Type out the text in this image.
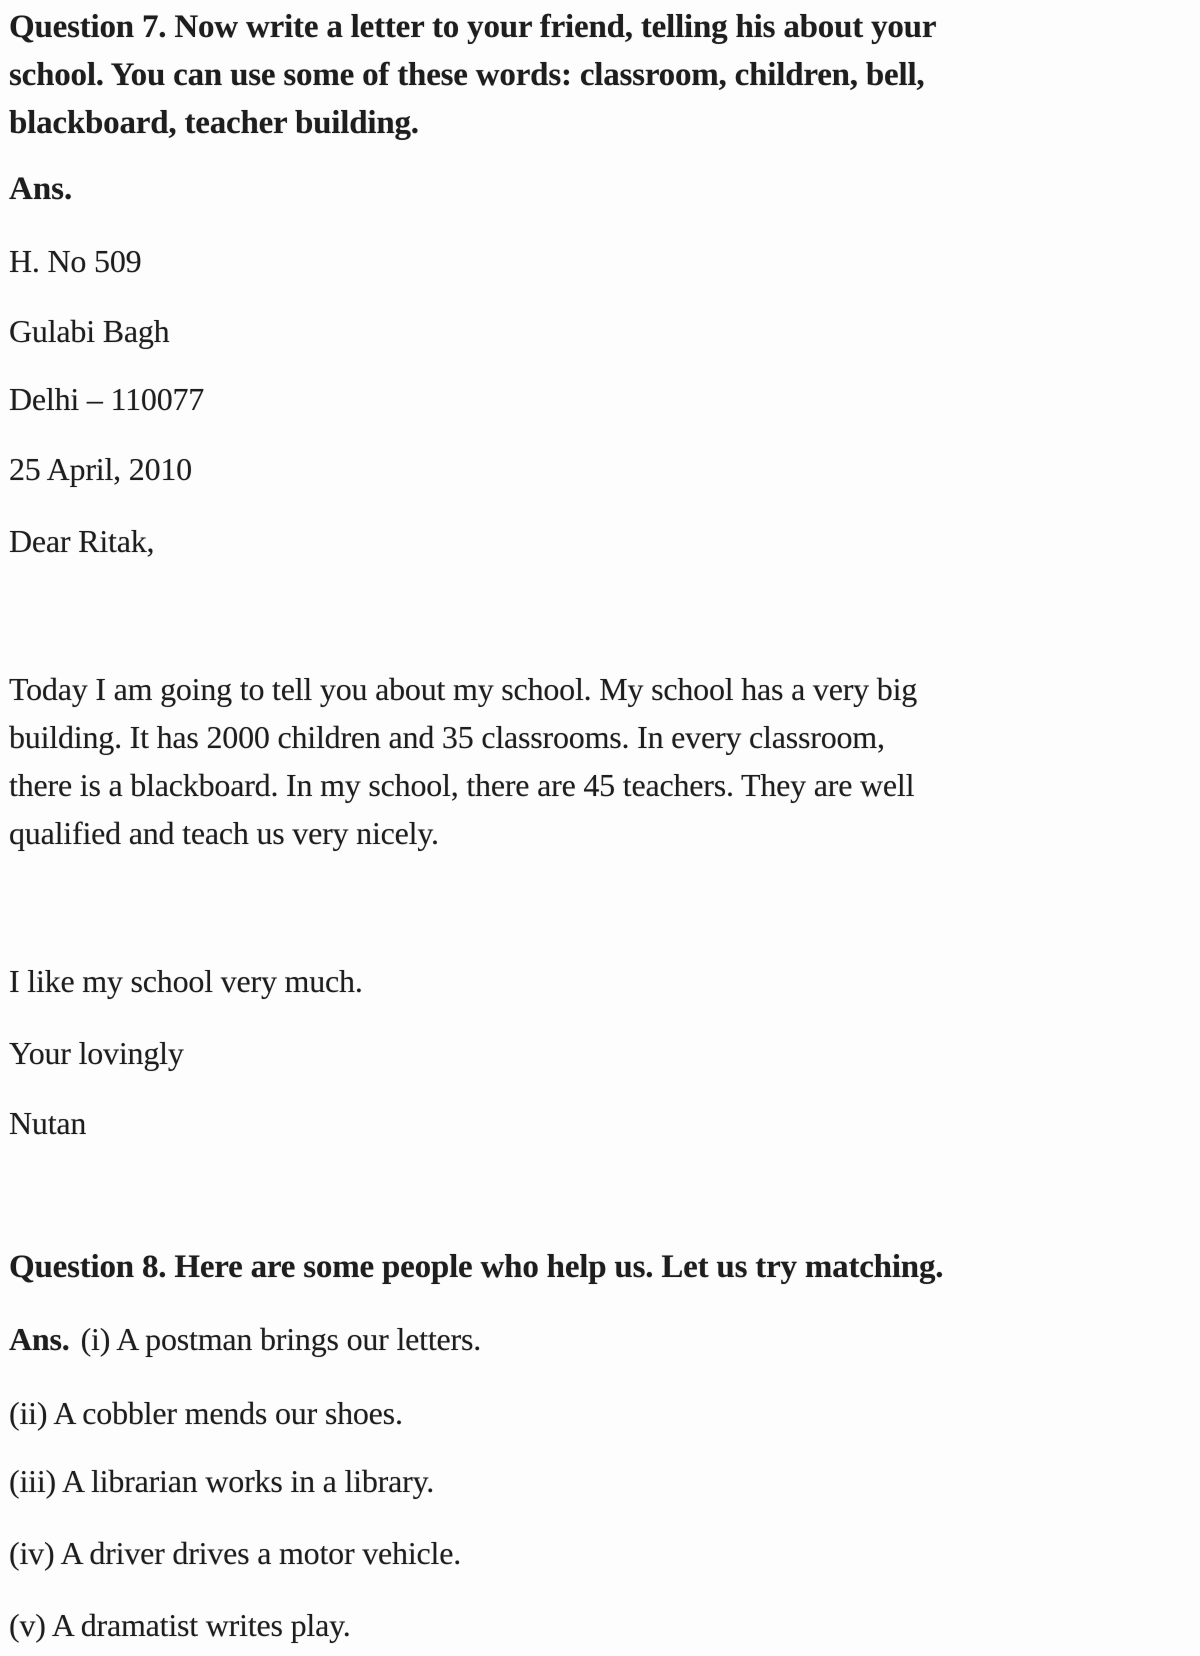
Question 7. Now write a letter to your friend, telling his about your
school. You can use some of these words: classroom, children, bell,
blackboard, teacher building.

Ans.

H. No 509

Gulabi Bagh

Delhi – 110077

25 April, 2010

Dear Ritak,

Today I am going to tell you about my school. My school has a very big
building. It has 2000 children and 35 classrooms. In every classroom,
there is a blackboard. In my school, there are 45 teachers. They are well
qualified and teach us very nicely.

I like my school very much.

Your lovingly

Nutan

Question 8. Here are some people who help us. Let us try matching.

Ans. (i) A postman brings our letters.

(ii) A cobbler mends our shoes.

(iii) A librarian works in a library.

(iv) A driver drives a motor vehicle.

(v) A dramatist writes play.
